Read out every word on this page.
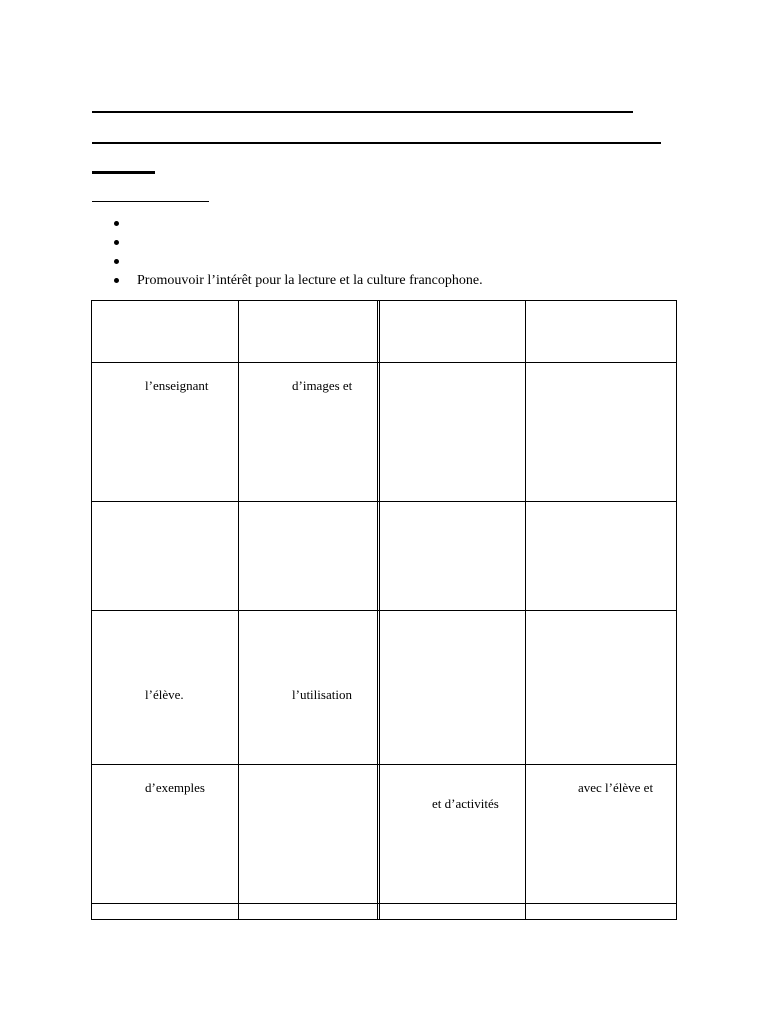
Promouvoir l’intérêt pour la lecture et la culture francophone.
l’enseignant	d’images et
l’élève.	l’utilisation
d’exemples
et d’activités
avec l’élève et
